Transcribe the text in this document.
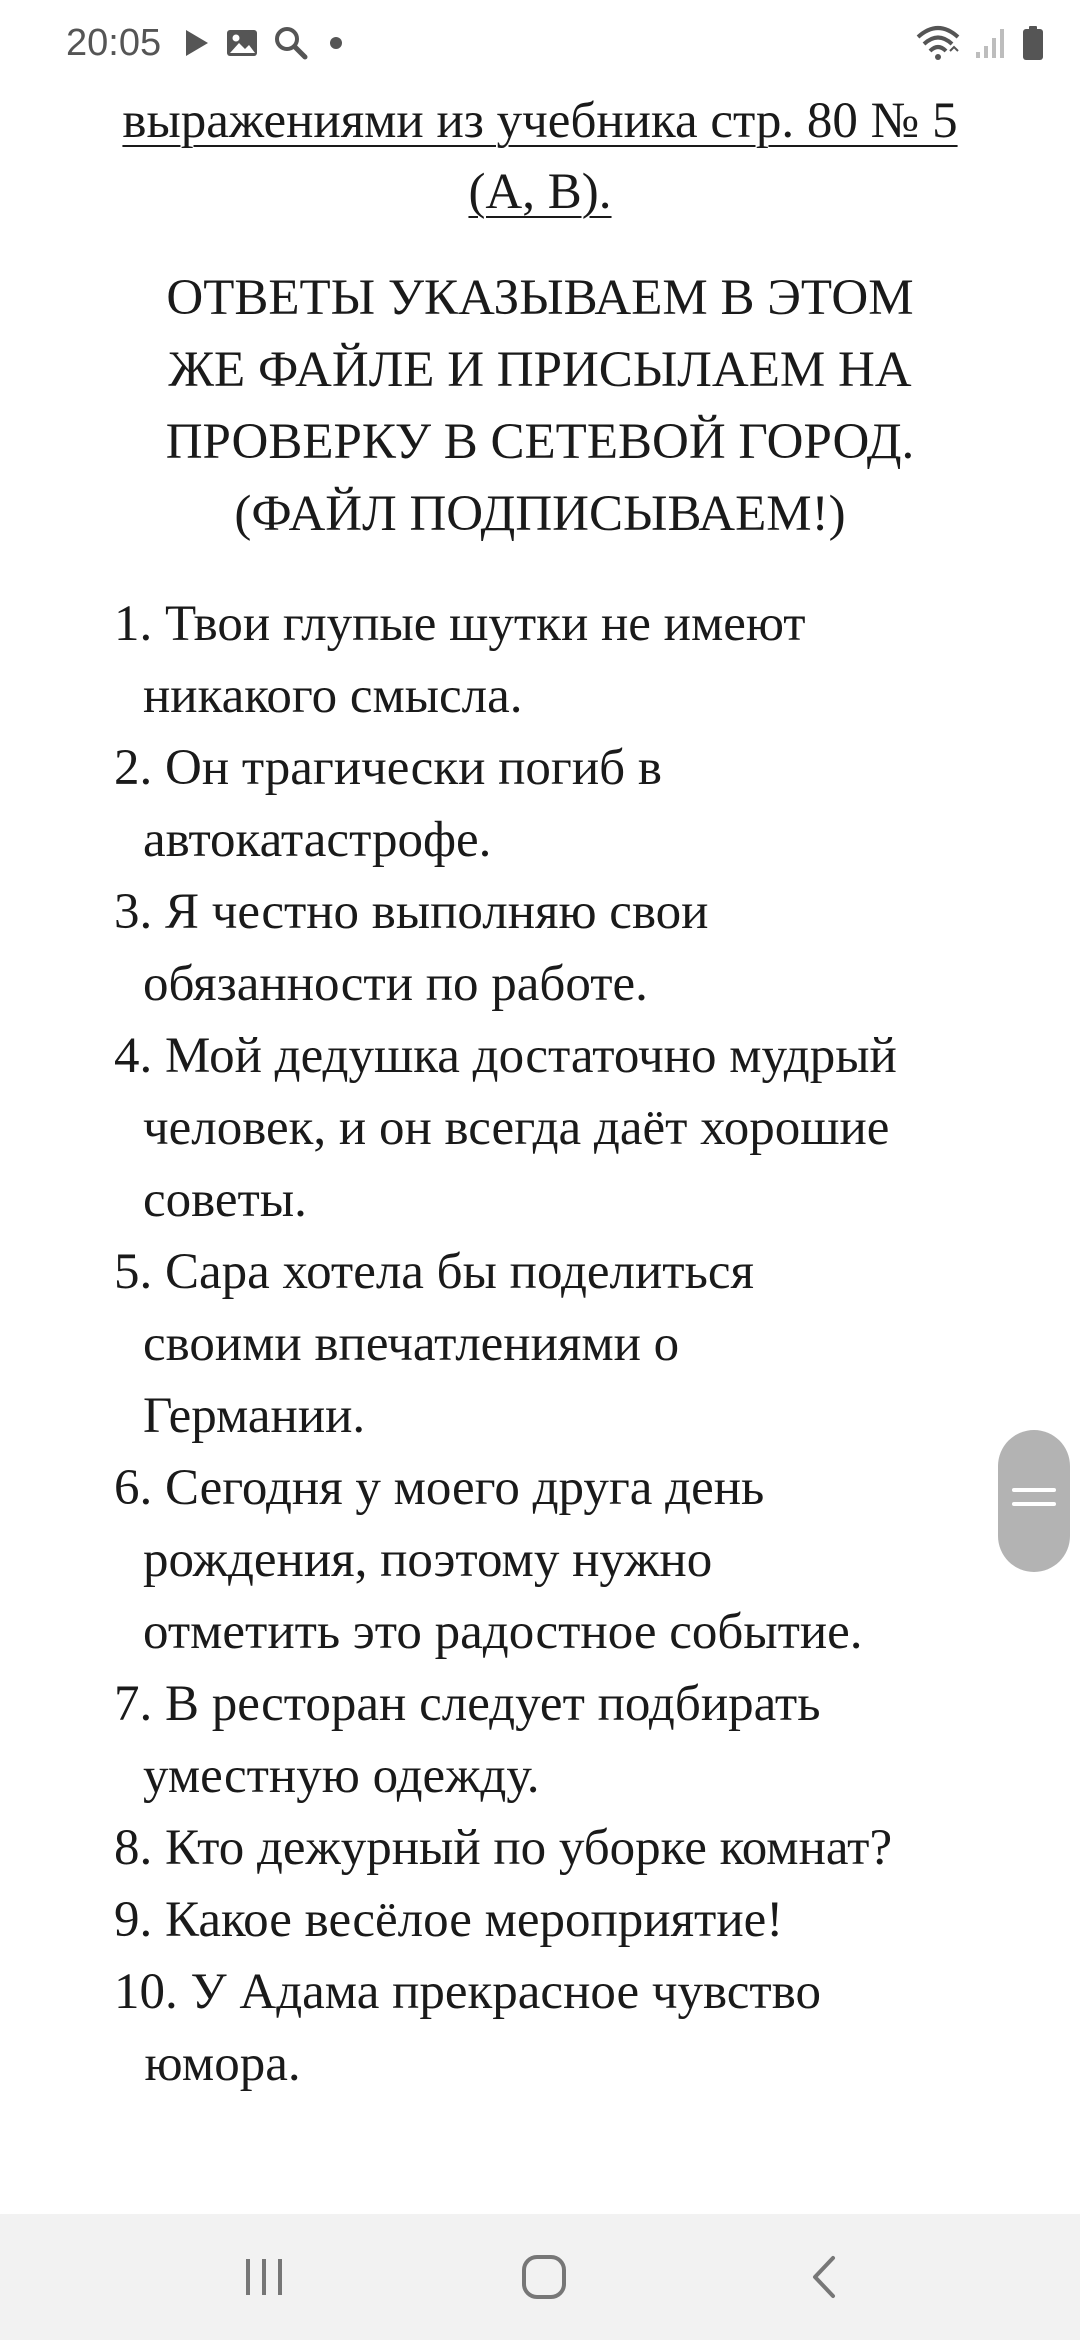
20:05
выражениями из учебника стр. 80 № 5
(А, В).
ОТВЕТЫ УКАЗЫВАЕМ В ЭТОМ
ЖЕ ФАЙЛЕ И ПРИСЫЛАЕМ НА
ПРОВЕРКУ В СЕТЕВОЙ ГОРОД.
(ФАЙЛ ПОДПИСЫВАЕМ!)
1. Твои глупые шутки не имеют
никакого смысла.
2. Он трагически погиб в
автокатастрофе.
3. Я честно выполняю свои
обязанности по работе.
4. Мой дедушка достаточно мудрый
человек, и он всегда даёт хорошие
советы.
5. Сара хотела бы поделиться
своими впечатлениями о
Германии.
6. Сегодня у моего друга день
рождения, поэтому нужно
отметить это радостное событие.
7. В ресторан следует подбирать
уместную одежду.
8. Кто дежурный по уборке комнат?
9. Какое весёлое мероприятие!
10. У Адама прекрасное чувство
юмора.
